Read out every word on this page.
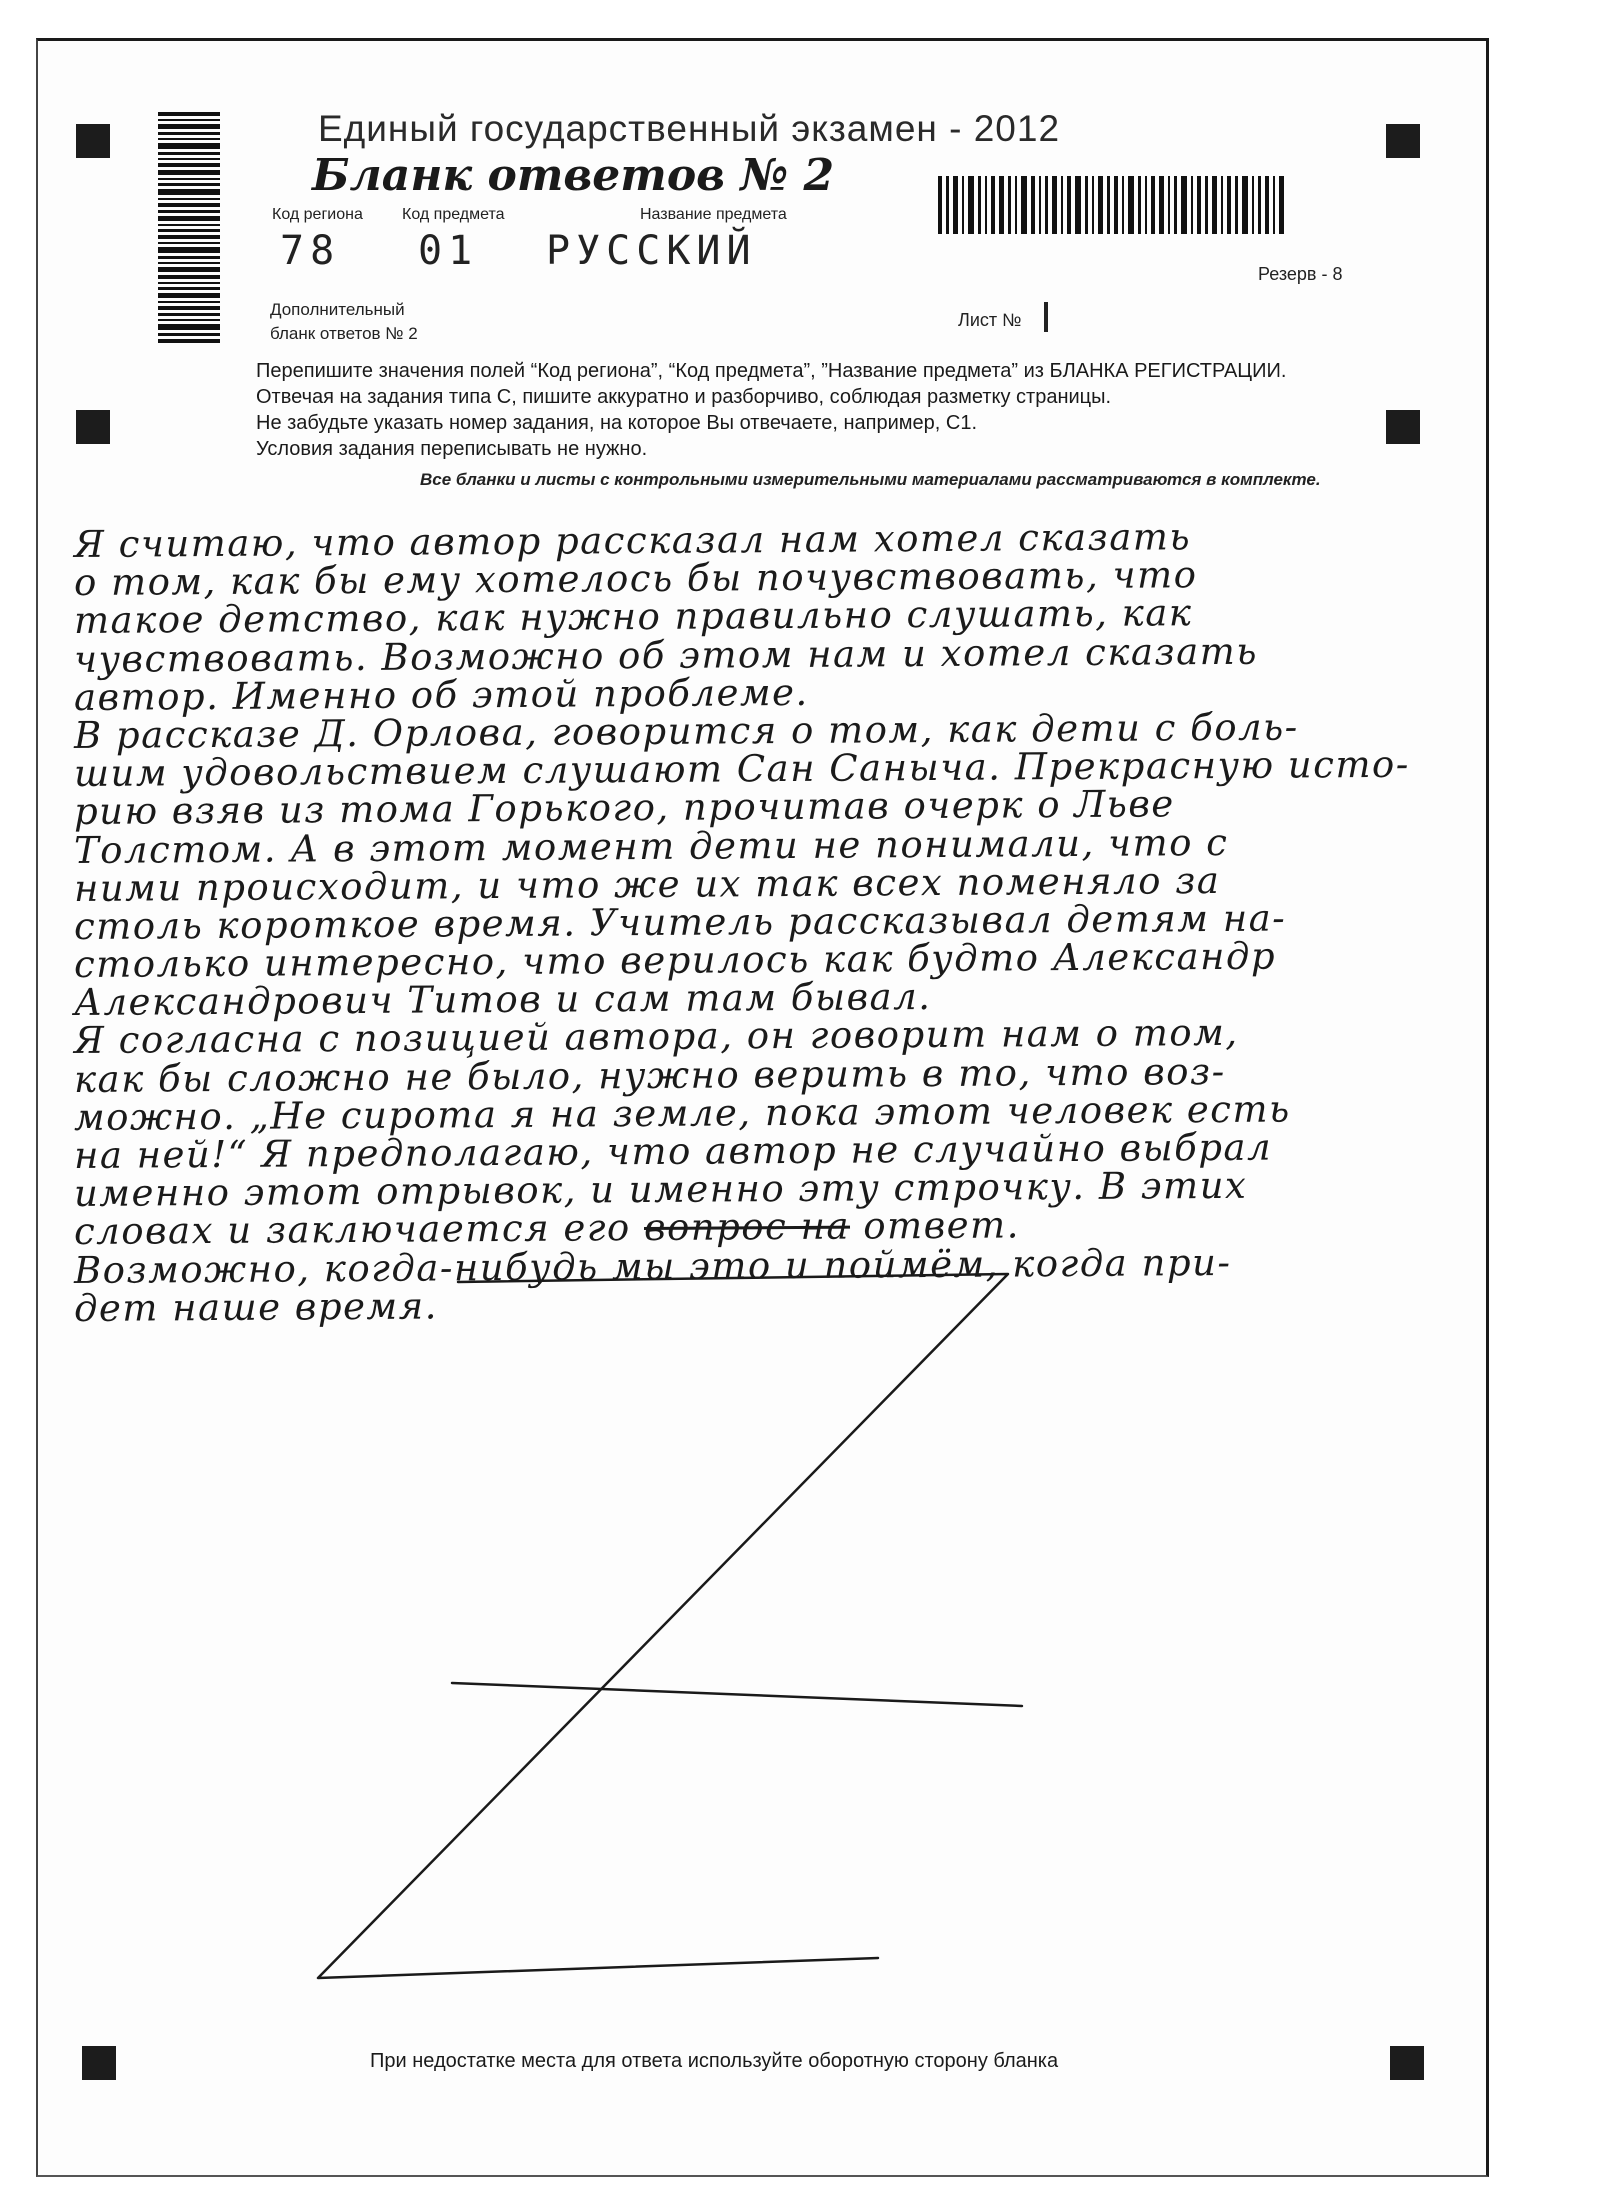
Единый государственный экзамен - 2012
Бланк ответов № 2
Код региона Код предмета	Название предмета
78 01 РУССКИЙ	Резерв - 8
Дополнительный
бланк ответов № 2
Лист №
Перепишите значения полей “Код региона”, “Код предмета”, ”Название предмета” из БЛАНКА РЕГИСТРАЦИИ.
Отвечая на задания типа С, пишите аккуратно и разборчиво, соблюдая разметку страницы.
Не забудьте указать номер задания, на которое Вы отвечаете, например, С1.
Условия задания переписывать не нужно.
Все бланки и листы с контрольными измерительными материалами рассматриваются в комплекте.
Я считаю, что автор рассказал нам хотел сказать
о том, как бы ему хотелось бы почувствовать, что
такое детство, как нужно правильно слушать, как
чувствовать. Возможно об этом нам и хотел сказать
автор. Именно об этой проблеме.
В рассказе Д. Орлова, говорится о том, как дети с боль-
шим удовольствием слушают Сан Саныча. Прекрасную исто-
рию взяв из тома Горького, прочитав очерк о Льве
Толстом. А в этот момент дети не понимали, что с
ними происходит, и что же их так всех поменяло за
столь короткое время. Учитель рассказывал детям на-
столько интересно, что верилось как будто Александр
Александрович Титов и сам там бывал.
Я согласна с позицией автора, он говорит нам о том,
как бы сложно не было, нужно верить в то, что воз-
можно. „Не сирота я на земле, пока этот человек есть
на ней!“ Я предполагаю, что автор не случайно выбрал
именно этот отрывок, и именно эту строчку. В этих
словах и заключается его вопрос на ответ.
Возможно, когда-нибудь мы это и поймём, когда при-
дет наше время.
При недостатке места для ответа используйте оборотную сторону бланка
